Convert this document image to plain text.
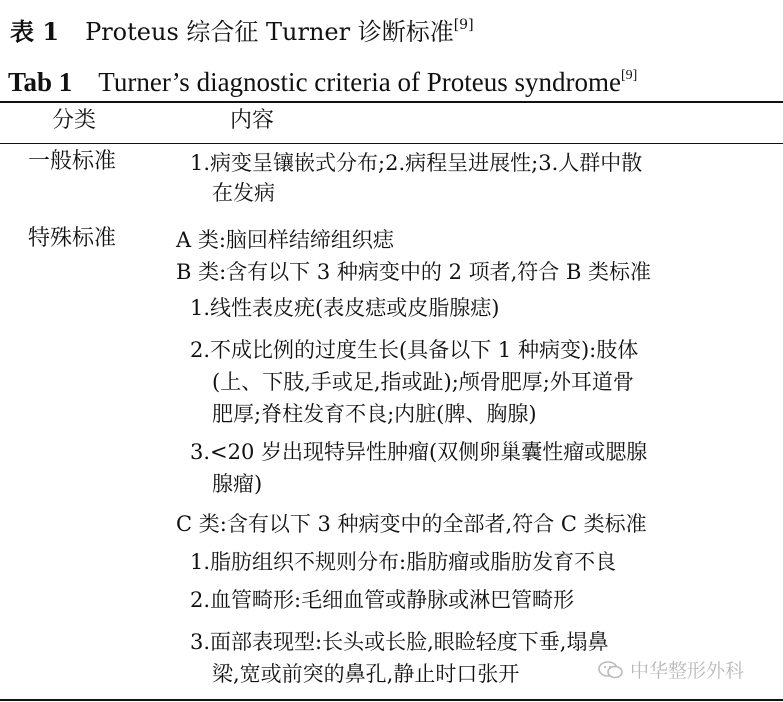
表 1 Proteus 综合征 Turner 诊断标准[9]
Tab 1 Turner’s diagnostic criteria of Proteus syndrome[9]
分类	内容
一般标准	1.病变呈镶嵌式分布;2.病程呈进展性;3.人群中散
在发病
特殊标准	A 类:脑回样结缔组织痣
B 类:含有以下 3 种病变中的 2 项者,符合 B 类标准
1.线性表皮疣(表皮痣或皮脂腺痣)
2.不成比例的过度生长(具备以下 1 种病变):肢体
(上、下肢,手或足,指或趾);颅骨肥厚;外耳道骨
肥厚;脊柱发育不良;内脏(脾、胸腺)
3.<20 岁出现特异性肿瘤(双侧卵巢囊性瘤或腮腺
腺瘤)
C 类:含有以下 3 种病变中的全部者,符合 C 类标准
1.脂肪组织不规则分布:脂肪瘤或脂肪发育不良
2.血管畸形:毛细血管或静脉或淋巴管畸形
3.面部表现型:长头或长脸,眼睑轻度下垂,塌鼻
梁,宽或前突的鼻孔,静止时口张开	中华整形外科
